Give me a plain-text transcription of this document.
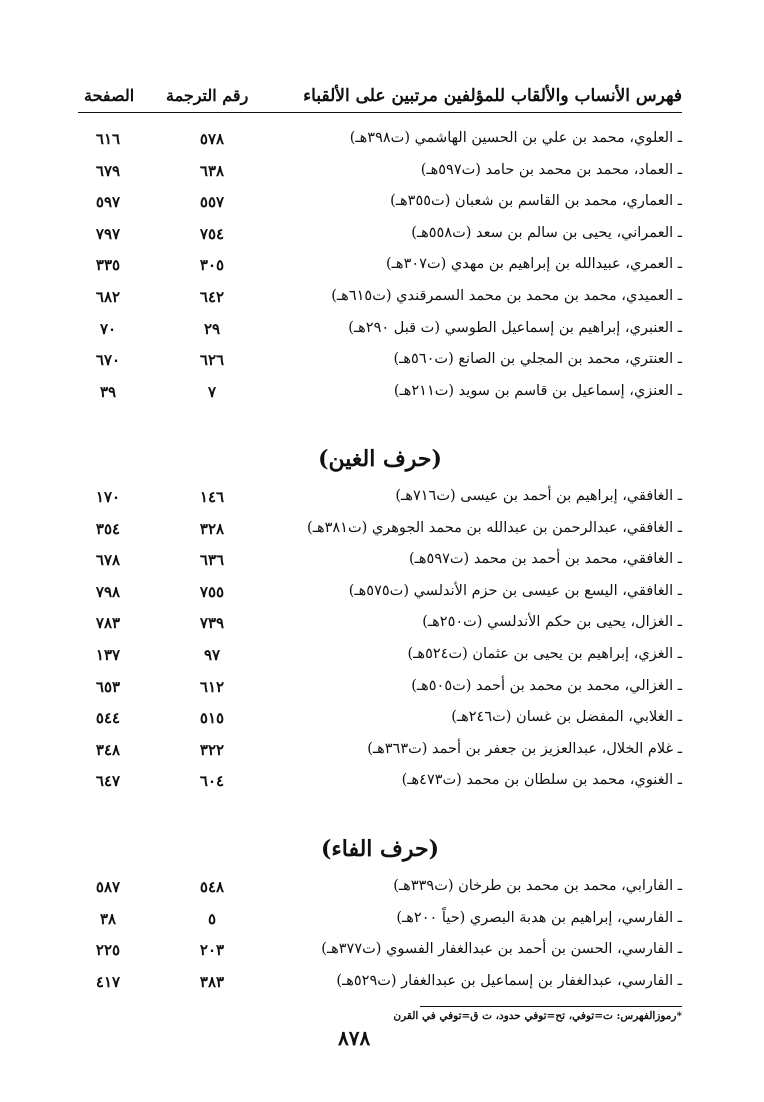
فهرس الأنساب والألقاب للمؤلفين مرتبين على الألقباء
رقم الترجمة
الصفحة
ـ العلوي، محمد بن علي بن الحسين الهاشمي (ت٣٩٨هـ)
٥٧٨
٦١٦
ـ العماد، محمد بن محمد بن حامد (ت٥٩٧هـ)
٦٣٨
٦٧٩
ـ العماري، محمد بن القاسم بن شعبان (ت٣٥٥هـ)
٥٥٧
٥٩٧
ـ العمراني، يحيى بن سالم بن سعد (ت٥٥٨هـ)
٧٥٤
٧٩٧
ـ العمري، عبيدالله بن إبراهيم بن مهدي (ت٣٠٧هـ)
٣٠٥
٣٣٥
ـ العميدي، محمد بن محمد بن محمد السمرقندي (ت٦١٥هـ)
٦٤٢
٦٨٢
ـ العنبري، إبراهيم بن إسماعيل الطوسي (ت قبل ٢٩٠هـ)
٢٩
٧٠
ـ العنتري، محمد بن المجلي بن الصانع (ت٥٦٠هـ)
٦٢٦
٦٧٠
ـ العنزي، إسماعيل بن قاسم بن سويد (ت٢١١هـ)
٧
٣٩
(حرف الغين)
ـ الغافقي، إبراهيم بن أحمد بن عيسى (ت٧١٦هـ)
١٤٦
١٧٠
ـ الغافقي، عبدالرحمن بن عبدالله بن محمد الجوهري (ت٣٨١هـ)
٣٢٨
٣٥٤
ـ الغافقي، محمد بن أحمد بن محمد (ت٥٩٧هـ)
٦٣٦
٦٧٨
ـ الغافقي، اليسع بن عيسى بن حزم الأندلسي (ت٥٧٥هـ)
٧٥٥
٧٩٨
ـ الغزال، يحيى بن حكم الأندلسي (ت٢٥٠هـ)
٧٣٩
٧٨٣
ـ الغزي، إبراهيم بن يحيى بن عثمان (ت٥٢٤هـ)
٩٧
١٣٧
ـ الغزالي، محمد بن محمد بن أحمد (ت٥٠٥هـ)
٦١٢
٦٥٣
ـ الغلابي، المفضل بن غسان (ت٢٤٦هـ)
٥١٥
٥٤٤
ـ غلام الخلال، عبدالعزيز بن جعفر بن أحمد (ت٣٦٣هـ)
٣٢٢
٣٤٨
ـ الغنوي، محمد بن سلطان بن محمد (ت٤٧٣هـ)
٦٠٤
٦٤٧
(حرف الفاء)
ـ الفارابي، محمد بن محمد بن طرخان (ت٣٣٩هـ)
٥٤٨
٥٨٧
ـ الفارسي، إبراهيم بن هدبة البصري (حياً ٢٠٠هـ)
٥
٣٨
ـ الفارسي، الحسن بن أحمد بن عبدالغفار الفسوي (ت٣٧٧هـ)
٢٠٣
٢٢٥
ـ الفارسي، عبدالغفار بن إسماعيل بن عبدالغفار (ت٥٢٩هـ)
٣٨٣
٤١٧
*رموزالفهرس: ت=توفي، تح=توفي حدود، ت ق=توفي في القرن
٨٧٨
